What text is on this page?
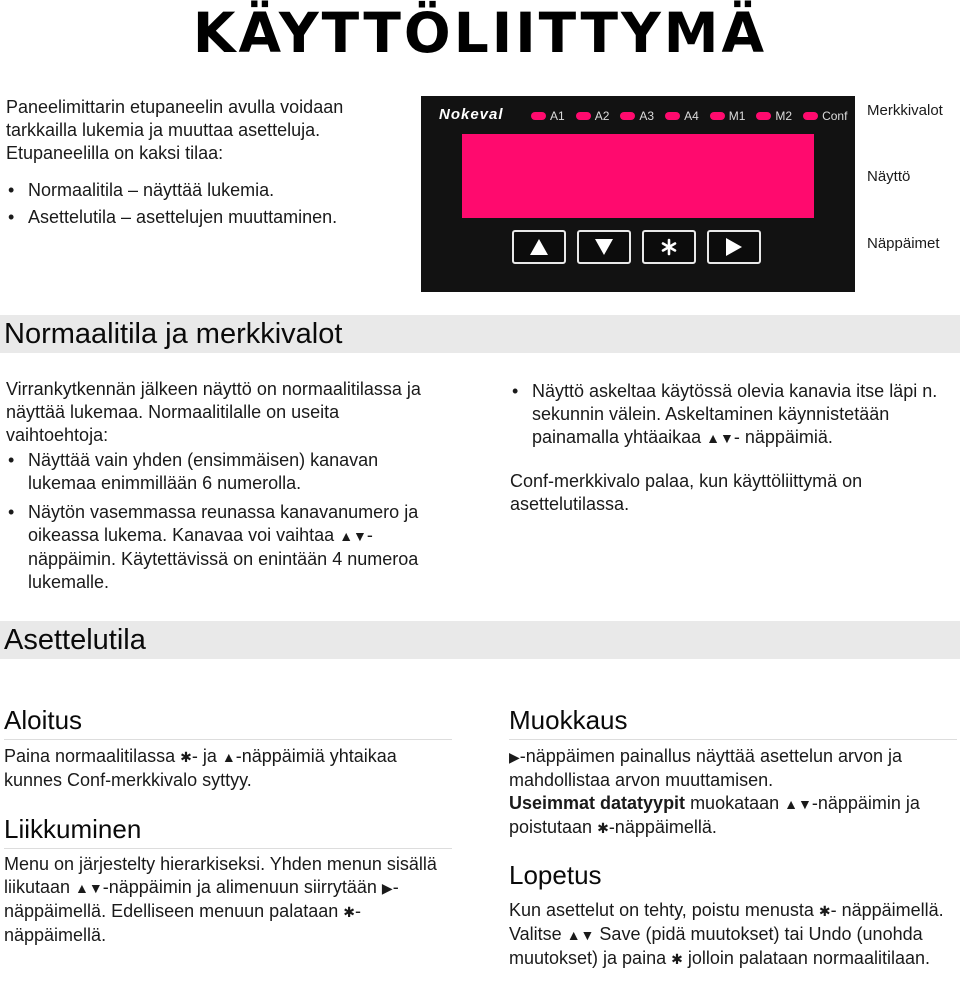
KÄYTTÖLIITTYMÄ

Paneelimittarin etupaneelin avulla voidaan tarkkailla lukemia ja muuttaa asetteluja. Etupaneelilla on kaksi tilaa:

• Normaalitila – näyttää lukemia.
• Asettelutila – asettelujen muuttaminen.
Nokeval	A1	A2	A3	A4	M1	M2	Conf Merkkivalot
Näyttö
Näppäimet
Normaalitila ja merkkivalot

Virrankytkennän jälkeen näyttö on normaalitilassa ja näyttää lukemaa. Normaalitilalle on useita vaihtoehtoja:

• Näyttää vain yhden (ensimmäisen) kanavan lukemaa enimmillään 6 numerolla.
• Näytön vasemmassa reunassa kanavanumero ja oikeassa lukema. Kanavaa voi vaihtaa ▲▼- näppäimin. Käytettävissä on enintään 4 numeroa lukemalle.
• Näyttö askeltaa käytössä olevia kanavia itse läpi n. sekunnin välein. Askeltaminen käynnistetään painamalla yhtäaikaa ▲▼- näppäimiä.

Conf-merkkivalo palaa, kun käyttöliittymä on asettelutilassa.

Asettelutila
Aloitus
Paina normaalitilassa ✱- ja ▲-näppäimiä yhtaikaa kunnes Conf-merkkivalo syttyy.
Liikkuminen
Menu on järjestelty hierarkiseksi. Yhden menun sisällä liikutaan ▲▼-näppäimin ja alimenuun siirrytään ▶-näppäimellä. Edelliseen menuun palataan ✱-näppäimellä.
Muokkaus
▶-näppäimen painallus näyttää asettelun arvon ja mahdollistaa arvon muuttamisen.
Useimmat datatyypit muokataan ▲▼-näppäimin ja poistutaan ✱-näppäimellä.
Lopetus
Kun asettelut on tehty, poistu menusta ✱- näppäimellä. Valitse ▲▼ Save (pidä muutokset) tai Undo (unohda muutokset) ja paina ✱ jolloin palataan normaalitilaan.
